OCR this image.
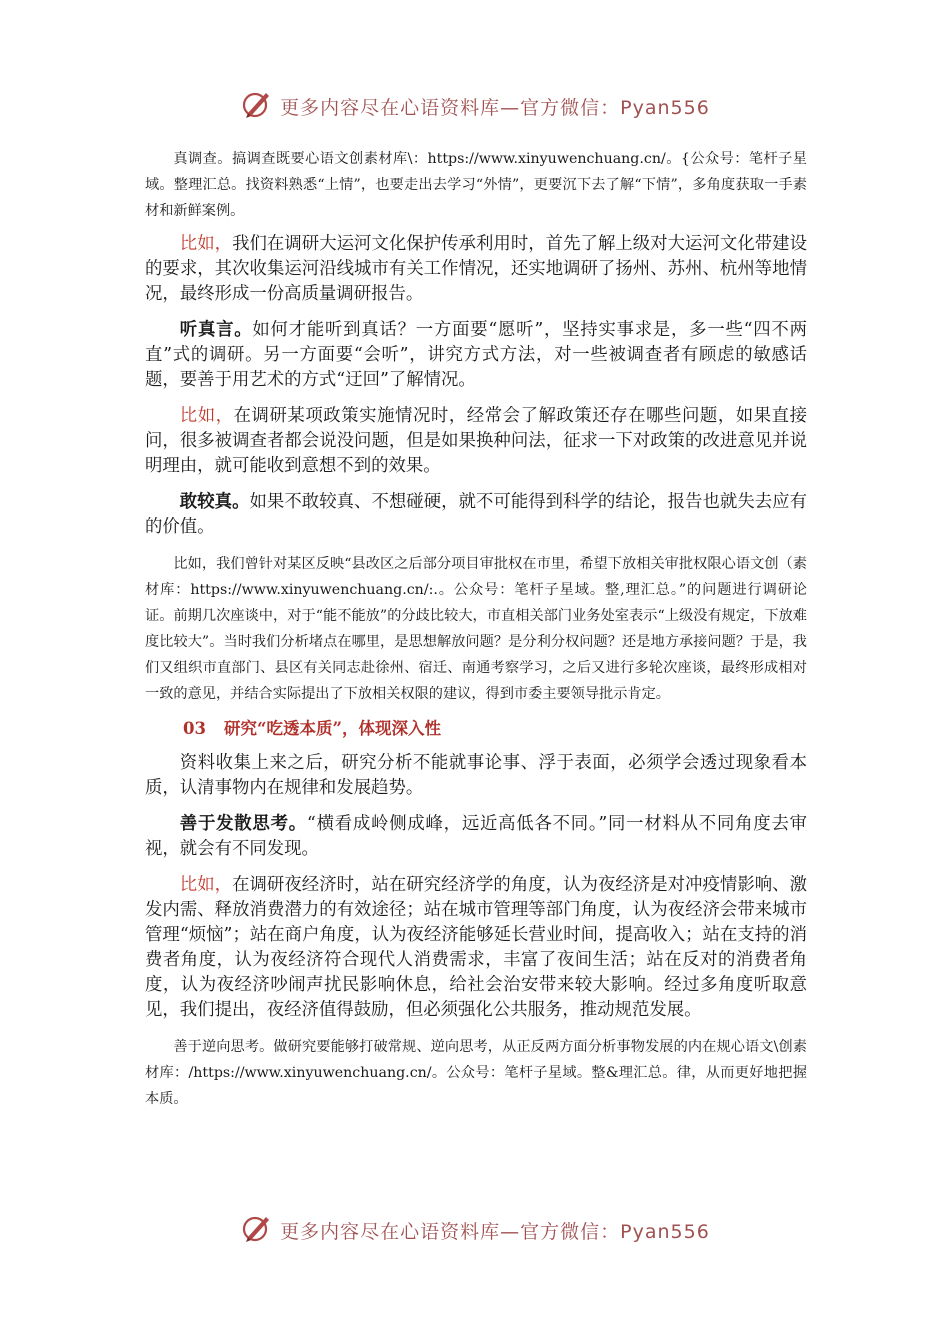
更多内容尽在心语资料库—官方微信：Pyan556

真调查。搞调查既要心语文创素材库\：https://www.xinyuwenchuang.cn/。{公众号：笔杆子星域。整理汇总。找资料熟悉“上情”，也要走出去学习“外情”，更要沉下去了解“下情”，多角度获取一手素材和新鲜案例。

比如，我们在调研大运河文化保护传承利用时，首先了解上级对大运河文化带建设的要求，其次收集运河沿线城市有关工作情况，还实地调研了扬州、苏州、杭州等地情况，最终形成一份高质量调研报告。

听真言。如何才能听到真话？一方面要“愿听”，坚持实事求是，多一些“四不两直”式的调研。另一方面要“会听”，讲究方式方法，对一些被调查者有顾虑的敏感话题，要善于用艺术的方式“迂回”了解情况。

比如，在调研某项政策实施情况时，经常会了解政策还存在哪些问题，如果直接问，很多被调查者都会说没问题，但是如果换种问法，征求一下对政策的改进意见并说明理由，就可能收到意想不到的效果。

敢较真。如果不敢较真、不想碰硬，就不可能得到科学的结论，报告也就失去应有的价值。

比如，我们曾针对某区反映“县改区之后部分项目审批权在市里，希望下放相关审批权限心语文创（素材库：https://www.xinyuwenchuang.cn/:.。公众号：笔杆子星域。整,理汇总。”的问题进行调研论证。前期几次座谈中，对于“能不能放”的分歧比较大，市直相关部门业务处室表示“上级没有规定，下放难度比较大”。当时我们分析堵点在哪里，是思想解放问题？是分利分权问题？还是地方承接问题？于是，我们又组织市直部门、县区有关同志赴徐州、宿迁、南通考察学习，之后又进行多轮次座谈，最终形成相对一致的意见，并结合实际提出了下放相关权限的建议，得到市委主要领导批示肯定。

03 研究“吃透本质”，体现深入性

资料收集上来之后，研究分析不能就事论事、浮于表面，必须学会透过现象看本质，认清事物内在规律和发展趋势。

善于发散思考。“横看成岭侧成峰，远近高低各不同。”同一材料从不同角度去审视，就会有不同发现。

比如，在调研夜经济时，站在研究经济学的角度，认为夜经济是对冲疫情影响、激发内需、释放消费潜力的有效途径；站在城市管理等部门角度，认为夜经济会带来城市管理“烦恼”；站在商户角度，认为夜经济能够延长营业时间，提高收入；站在支持的消费者角度，认为夜经济符合现代人消费需求，丰富了夜间生活；站在反对的消费者角度，认为夜经济吵闹声扰民影响休息，给社会治安带来较大影响。经过多角度听取意见，我们提出，夜经济值得鼓励，但必须强化公共服务，推动规范发展。

善于逆向思考。做研究要能够打破常规、逆向思考，从正反两方面分析事物发展的内在规心语文\创素材库：/https://www.xinyuwenchuang.cn/。公众号：笔杆子星域。整&理汇总。律，从而更好地把握本质。

更多内容尽在心语资料库—官方微信：Pyan556
